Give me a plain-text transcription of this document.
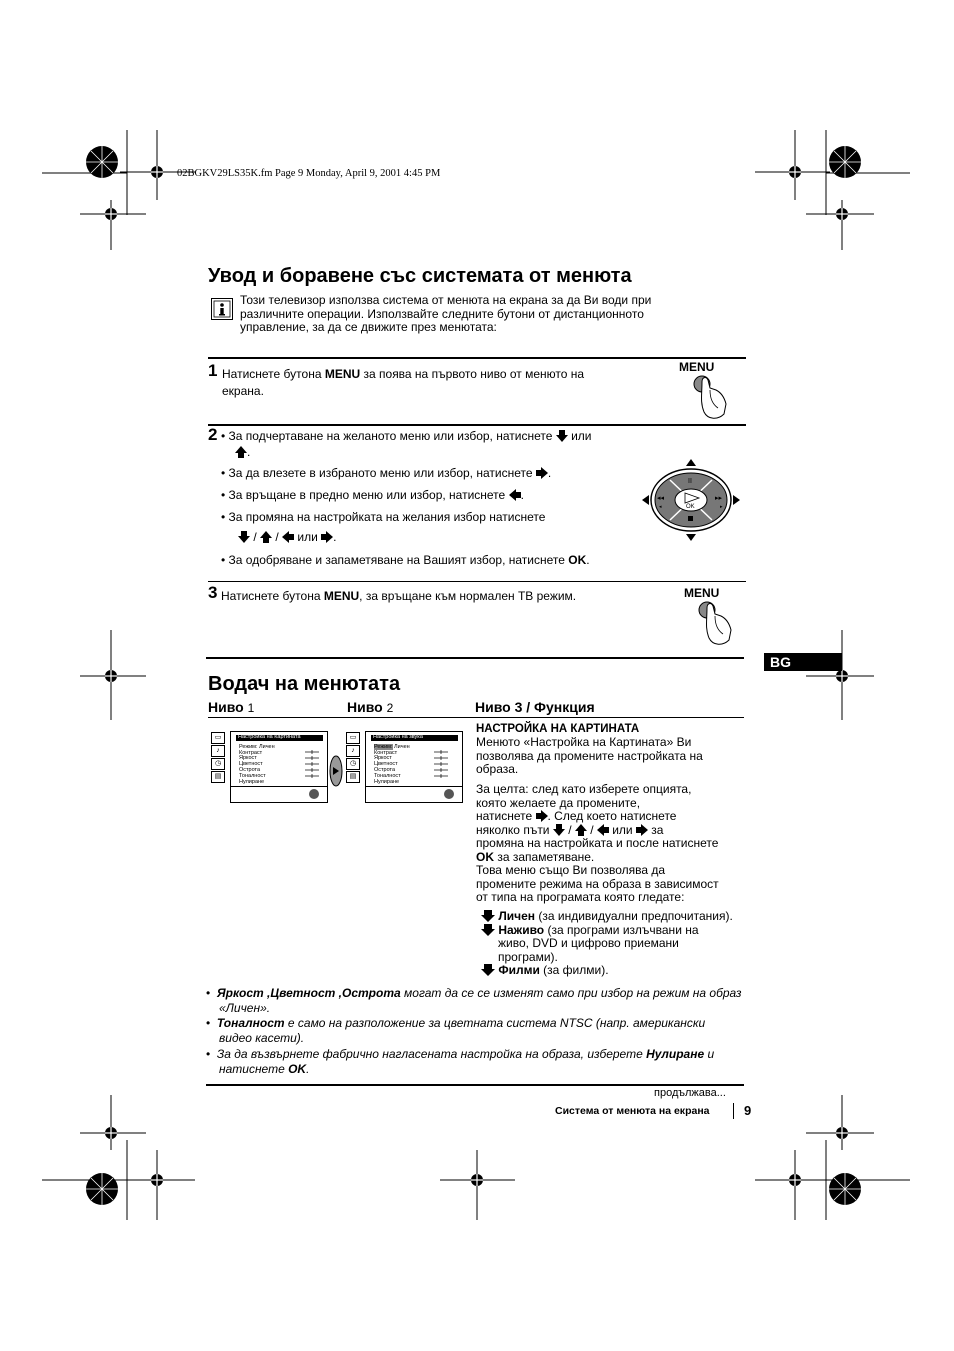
02BGKV29LS35K.fm Page 9 Monday, April 9, 2001 4:45 PM
Увод и боравене със системата от менюта
Този телевизор използва система от менюта на екрана за да Ви води при
различните операции. Използвайте следните бутони от дистанционното
управление, за да се движите през менютата:
1 Натиснете бутона MENU за поява на първото ниво от менюто на
екрана.
MENU
2 • За подчертаване на желаното меню или избор, натиснете  или
.
• За да влезете в избраното меню или избор, натиснете .
• За връщане в предно меню или избор, натиснете .
• За промяна на настройката на желания избор натиснете
/  /  или .
• За одобряване и запаметяване на Вашият избор, натиснете OK.
OK
II
◂◂	▸▸
◂	▸
3 Натиснете бутона MENU, за връщане към нормален ТВ режим.	MENU
BG
Водач на менютата
Ниво 1	Ниво 2	Ниво 3 / Функция
▭
♪
◷
▤
Настройка на Картината
Режим: Личен
Контраст
Яркост
Цветност
Острота
Тоналност
Нулиране
▭
♪
◷
▤
Настройка на звука
Режим: Личен
Контраст
Яркост
Цветност
Острота
Тоналност
Нулиране
НАСТРОЙКА НА КАРТИНАТА
Менюто «Настройка на Картината» Ви
позволява да промените настройката на
образа.
За целта: след като изберете опцията,
която желаете да промените,
натиснете . След което натиснете
няколко пъти  /  /  или  за
промяна на настройката и после натиснете
OK за запаметяване.
Това меню също Ви позволява да
промените режима на образа в зависимост
от типа на програмата която гледате:
Личен (за индивидуални предпочитания).
Наживо (за програми излъчвани на
живо, DVD и цифрово приемани
програми).
Филми (за филми).
• Яркост ,Цветност ,Острота могат да се се изменят само при избор на режим на образ
«Личен».
• Тоналност е само на разположение за цветната система NTSC (напр. американски
видео касети).
• За да възвърнете фабрично нагласената настройка на образа, изберете Нулиране и
натиснете OK.
продължава...
Система от менюта на екрана	9
